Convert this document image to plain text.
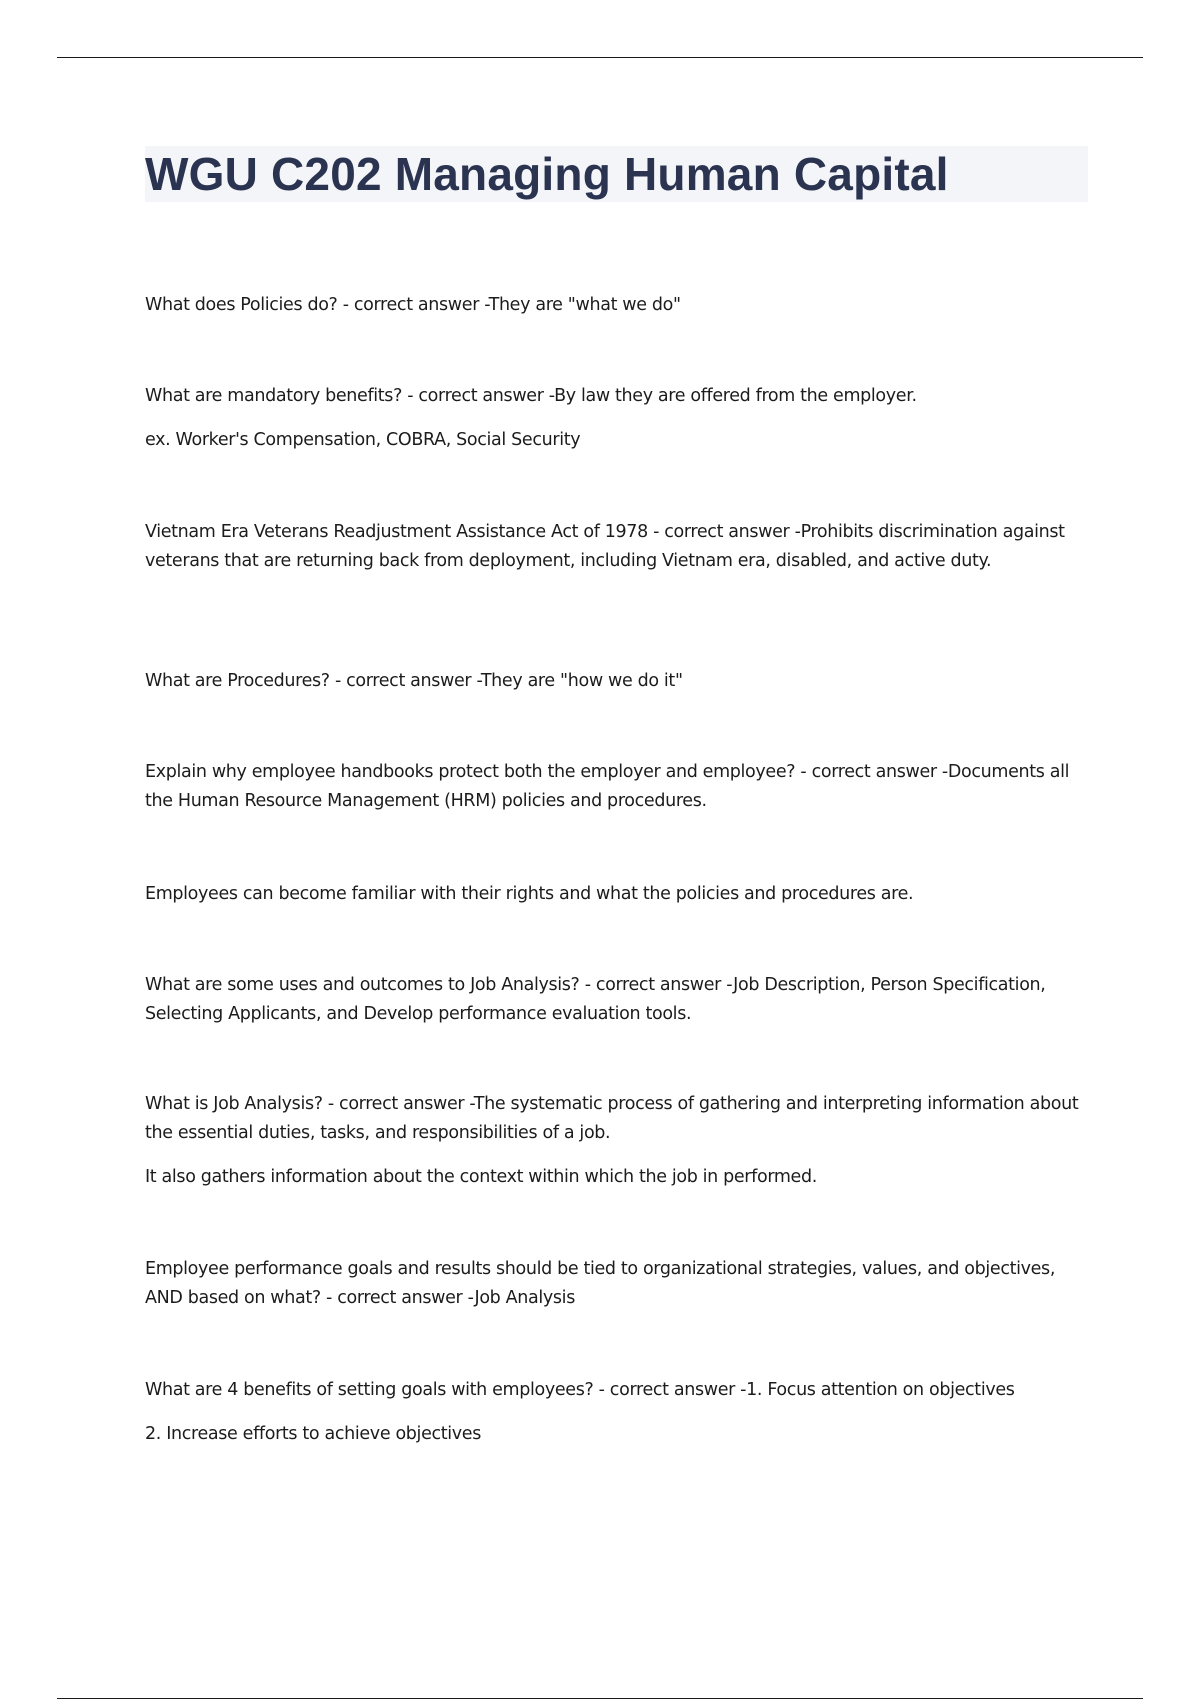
WGU C202 Managing Human Capital

What does Policies do? - correct answer -They are "what we do"

What are mandatory benefits? - correct answer -By law they are offered from the employer.

ex. Worker's Compensation, COBRA, Social Security

Vietnam Era Veterans Readjustment Assistance Act of 1978 - correct answer -Prohibits discrimination against veterans that are returning back from deployment, including Vietnam era, disabled, and active duty.

What are Procedures? - correct answer -They are "how we do it"

Explain why employee handbooks protect both the employer and employee? - correct answer -Documents all the Human Resource Management (HRM) policies and procedures.

Employees can become familiar with their rights and what the policies and procedures are.

What are some uses and outcomes to Job Analysis? - correct answer -Job Description, Person Specification, Selecting Applicants, and Develop performance evaluation tools.

What is Job Analysis? - correct answer -The systematic process of gathering and interpreting information about the essential duties, tasks, and responsibilities of a job.

It also gathers information about the context within which the job in performed.

Employee performance goals and results should be tied to organizational strategies, values, and objectives, AND based on what? - correct answer -Job Analysis

What are 4 benefits of setting goals with employees? - correct answer -1. Focus attention on objectives

2. Increase efforts to achieve objectives
